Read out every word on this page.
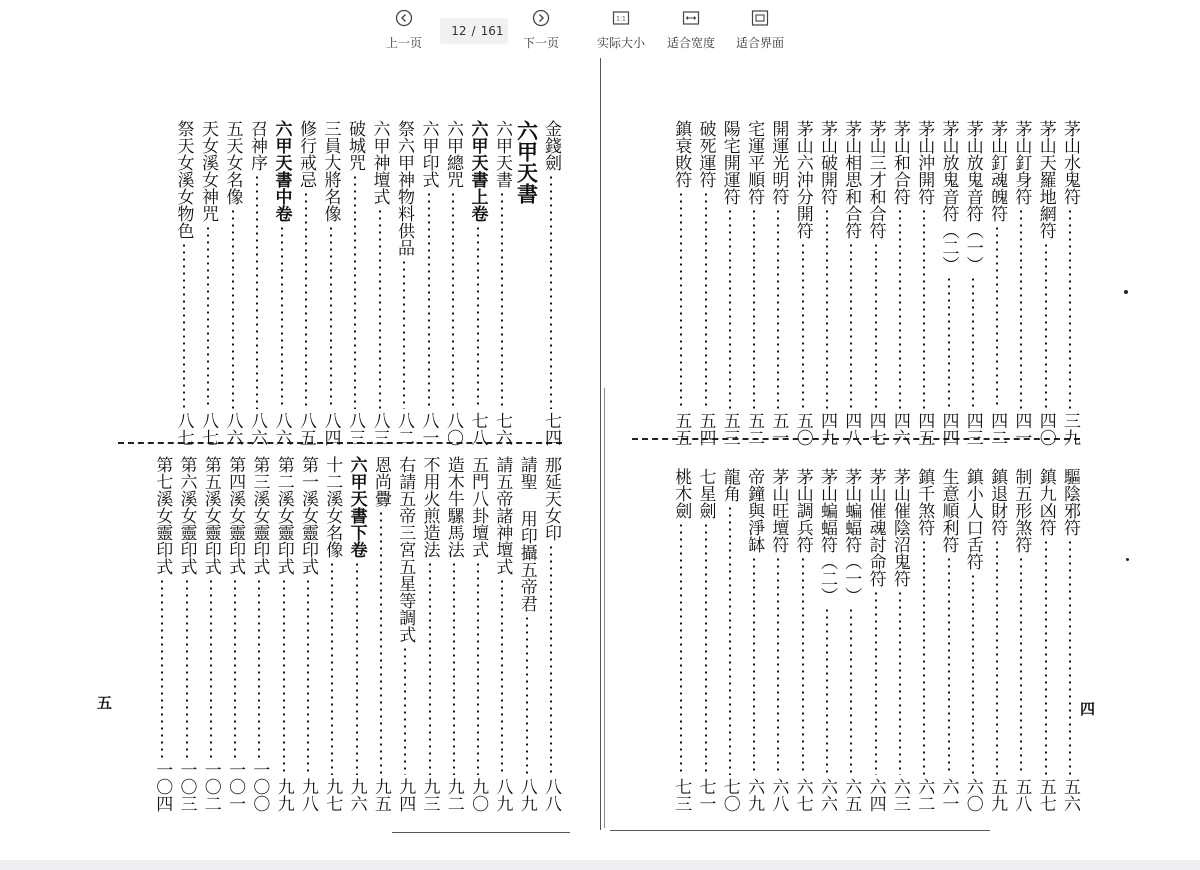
上一页
12
/ 161
下一页
1:1
实际大小 适合宽度 适合界面
五	四
茅山水鬼符
三九
茅山天羅地網符
四〇
茅山釘身符
四一
茅山釘魂魄符
四二
茅山放鬼音符（一）
四三
茅山放鬼音符（二）
四四
茅山沖開符
四五
茅山和合符
四六
茅山三才和合符
四七
茅山相思和合符
四八
茅山破開符
四九
茅山六沖分開符
五〇
開運光明符
五一
宅運平順符
五二
陽宅開運符
五三
破死運符
五四
鎮衰敗符
五五
驅陰邪符
五六
鎮九凶符
五七
制五形煞符
五八
鎮退財符
五九
鎮小人口舌符
六〇
生意順利符
六一
鎮千煞符
六二
茅山催陰沼鬼符
六三
茅山催魂討命符
六四
茅山蝙蝠符（一）
六五
茅山蝙蝠符（二）
六六
茅山調兵符
六七
茅山旺壇符
六八
帝鐘與淨缽
六九
龍角
七〇
七星劍
七一
桃木劍
七三
金錢劍
七四
六甲天書
六甲天書
七六
六甲天書上卷
七八
六甲總咒
八〇
六甲印式
八一
祭六甲神物料供品
八二
六甲神壇式
八三
破城咒
八三
三員大將名像
八四
修行戒忌
八五
六甲天書中卷
八六
召神序
八六
五天女名像
八六
天女溪女神咒
八七
祭天女溪女物色
八七
那延天女印
八八
請聖 用印攝五帝君
八九
請五帝諸神壇式
八九
五門八卦壇式
九〇
造木牛騾馬法
九二
不用火煎造法
九三
右請五帝三宮五星等調式
九四
恩尚釁
九五
六甲天書下卷
九六
十二溪女名像
九七
第一溪女靈印式
九八
第二溪女靈印式
九九
第三溪女靈印式
一〇〇
第四溪女靈印式
一〇一
第五溪女靈印式
一〇二
第六溪女靈印式
一〇三
第七溪女靈印式
一〇四
